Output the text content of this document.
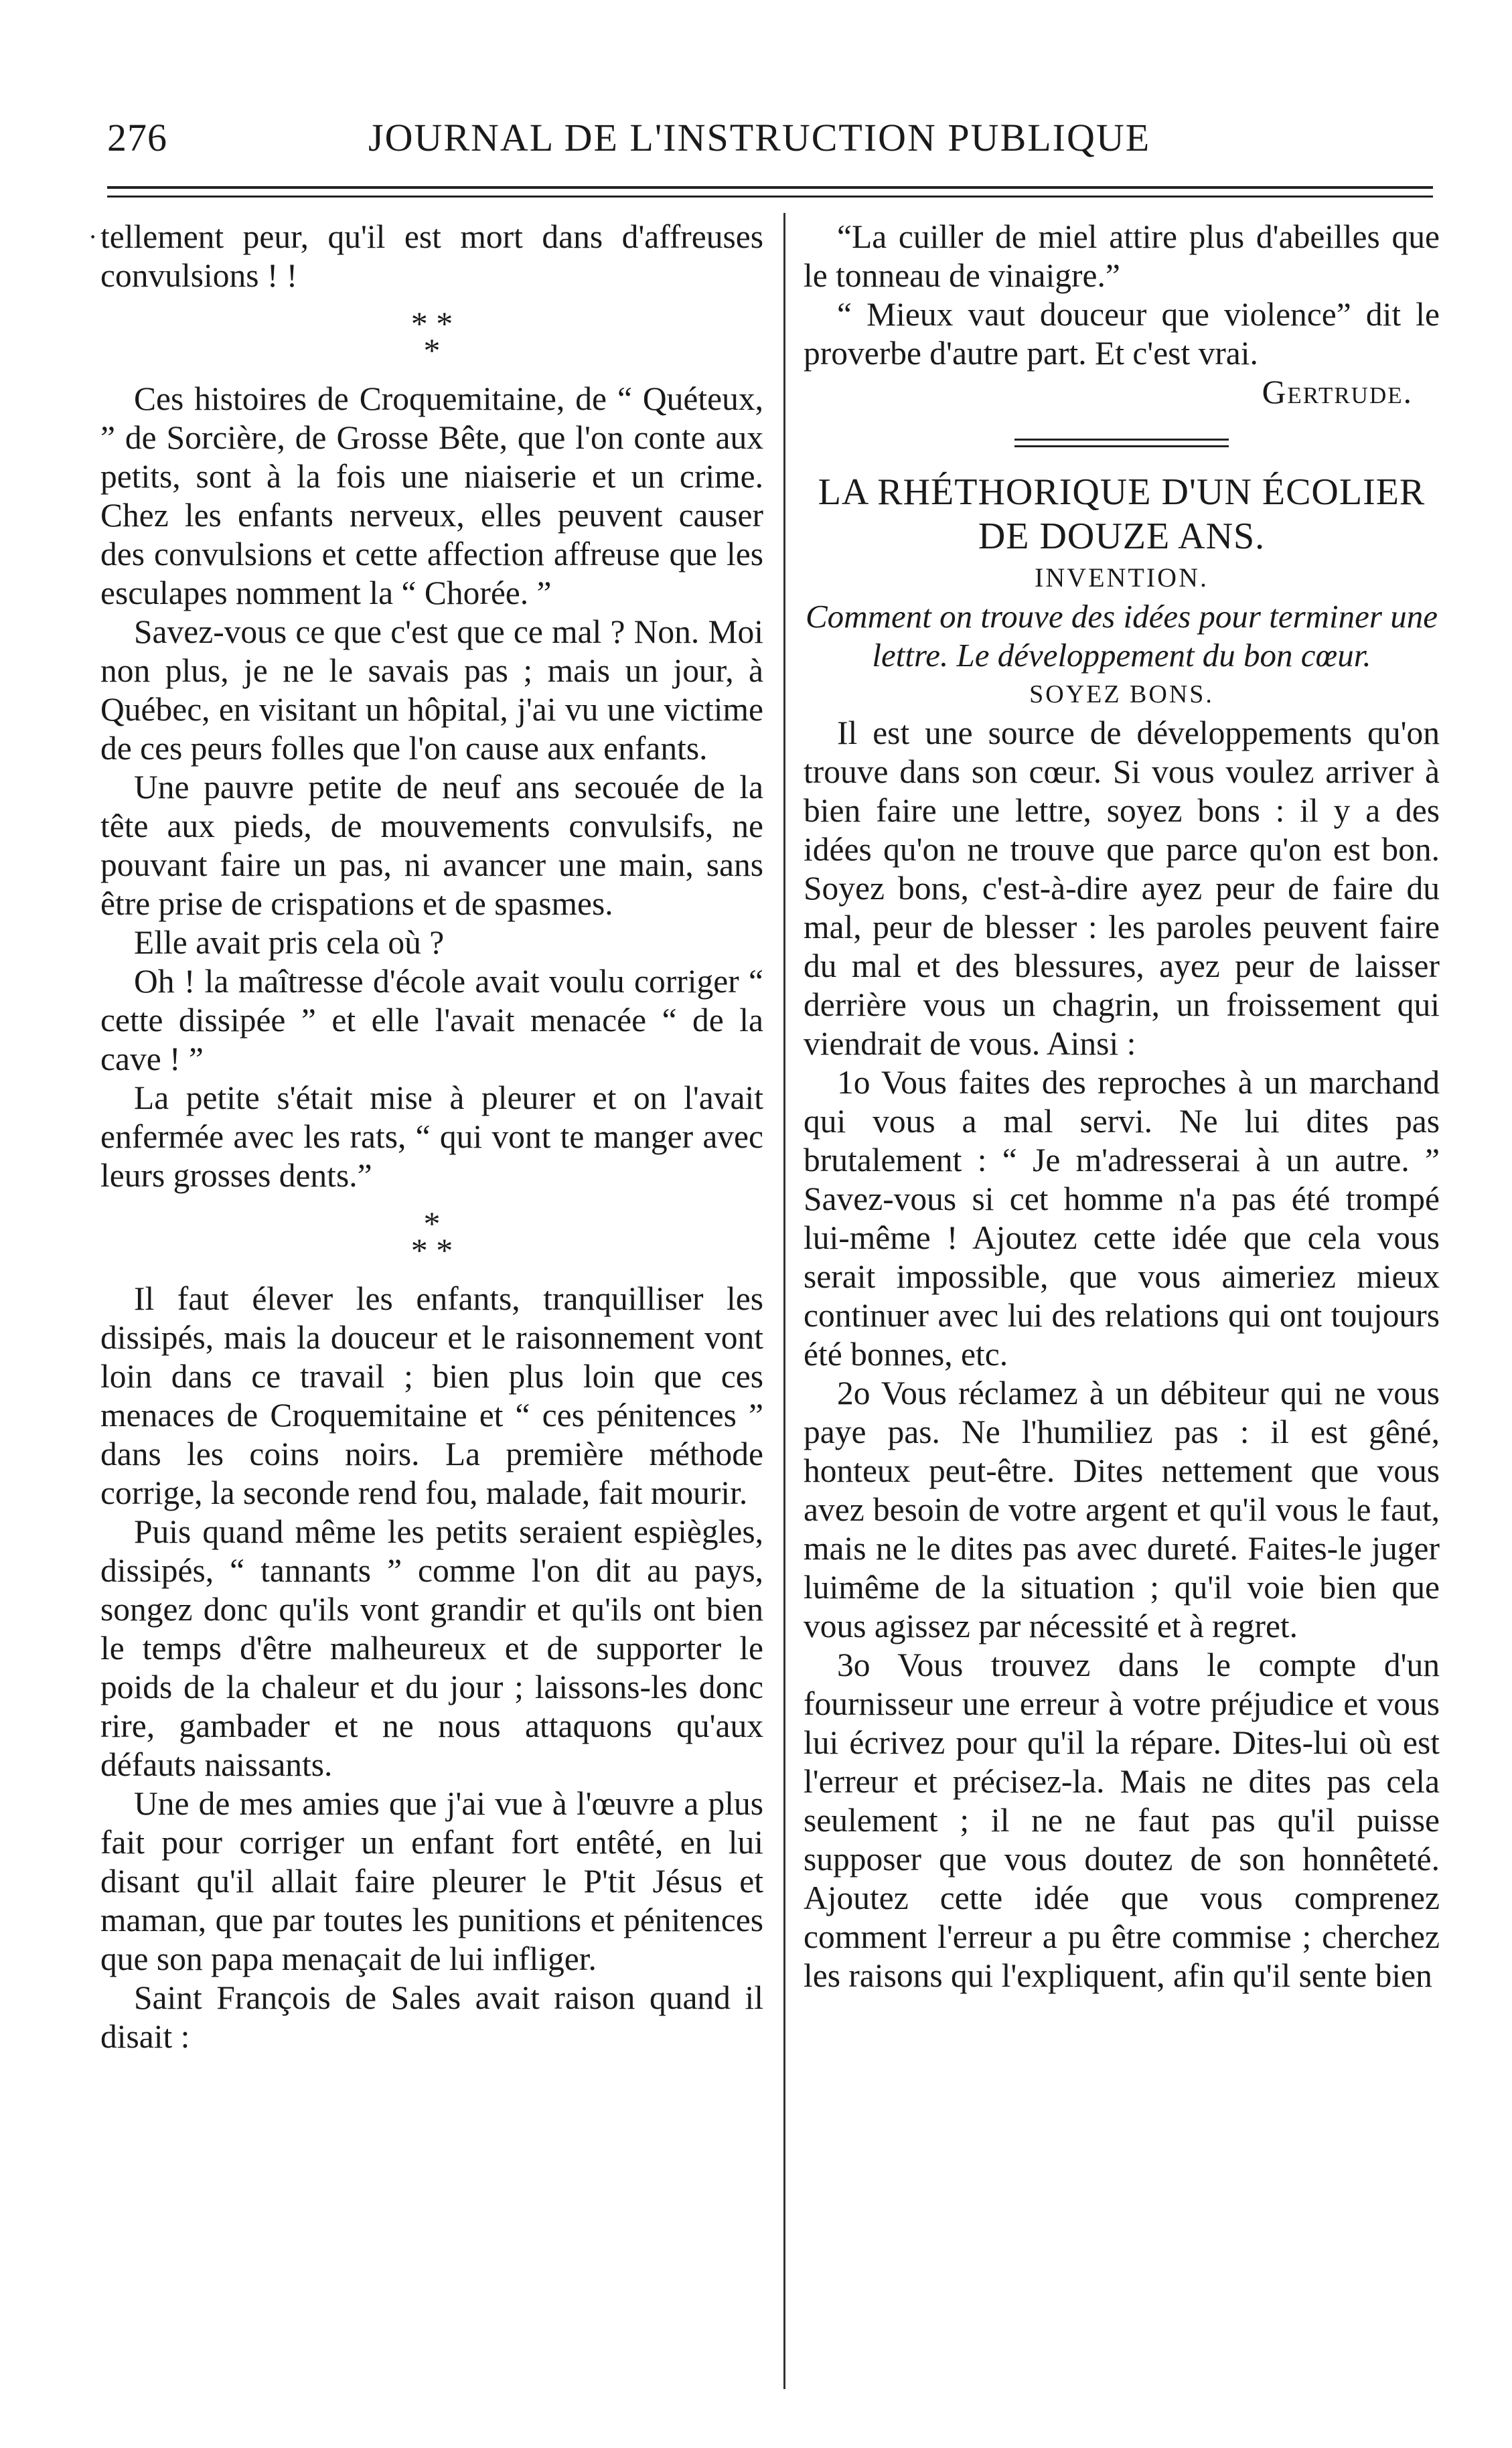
276	JOURNAL DE L'INSTRUCTION PUBLIQUE
· tellement peur, qu'il est mort dans d'affreuses convulsions ! !

* *
*

Ces histoires de Croquemitaine, de “ Quéteux, ” de Sorcière, de Grosse Bête, que l'on conte aux petits, sont à la fois une niaiserie et un crime. Chez les enfants nerveux, elles peuvent causer des convulsions et cette affection affreuse que les esculapes nomment la “ Chorée. ”

Savez-vous ce que c'est que ce mal ? Non. Moi non plus, je ne le savais pas ; mais un jour, à Québec, en visitant un hôpital, j'ai vu une victime de ces peurs folles que l'on cause aux enfants.

Une pauvre petite de neuf ans secouée de la tête aux pieds, de mouvements convulsifs, ne pouvant faire un pas, ni avancer une main, sans être prise de crispations et de spasmes.

Elle avait pris cela où ?

Oh ! la maîtresse d'école avait voulu corriger “ cette dissipée ” et elle l'avait menacée “ de la cave ! ”

La petite s'était mise à pleurer et on l'avait enfermée avec les rats, “ qui vont te manger avec leurs grosses dents.”

*
* *

Il faut élever les enfants, tranquilliser les dissipés, mais la douceur et le raisonnement vont loin dans ce travail ; bien plus loin que ces menaces de Croquemitaine et “ ces pénitences ” dans les coins noirs. La première méthode corrige, la seconde rend fou, malade, fait mourir.

Puis quand même les petits seraient espiègles, dissipés, “ tannants ” comme l'on dit au pays, songez donc qu'ils vont grandir et qu'ils ont bien le temps d'être malheureux et de supporter le poids de la chaleur et du jour ; laissons-les donc rire, gambader et ne nous attaquons qu'aux défauts naissants.

Une de mes amies que j'ai vue à l'œuvre a plus fait pour corriger un enfant fort entêté, en lui disant qu'il allait faire pleurer le P'tit Jésus et maman, que par toutes les punitions et pénitences que son papa menaçait de lui infliger.

Saint François de Sales avait raison quand il disait :

“La cuiller de miel attire plus d'abeilles que le tonneau de vinaigre.”

“ Mieux vaut douceur que violence” dit le proverbe d'autre part. Et c'est vrai.

Gertrude.

LA RHÉTHORIQUE D'UN ÉCOLIER

DE DOUZE ANS.

INVENTION.

Comment on trouve des idées pour terminer une lettre. Le développement du bon cœur.

SOYEZ BONS.

Il est une source de développements qu'on trouve dans son cœur. Si vous voulez arriver à bien faire une lettre, soyez bons : il y a des idées qu'on ne trouve que parce qu'on est bon. Soyez bons, c'est-à-dire ayez peur de faire du mal, peur de blesser : les paroles peuvent faire du mal et des blessures, ayez peur de laisser derrière vous un chagrin, un froissement qui viendrait de vous. Ainsi :

1o Vous faites des reproches à un marchand qui vous a mal servi. Ne lui dites pas brutalement : “ Je m'adresserai à un autre. ” Savez-vous si cet homme n'a pas été trompé lui-même ! Ajoutez cette idée que cela vous serait impossible, que vous aimeriez mieux continuer avec lui des relations qui ont toujours été bonnes, etc.

2o Vous réclamez à un débiteur qui ne vous paye pas. Ne l'humiliez pas : il est gêné, honteux peut-être. Dites nettement que vous avez besoin de votre argent et qu'il vous le faut, mais ne le dites pas avec dureté. Faites-le juger luimême de la situation ; qu'il voie bien que vous agissez par nécessité et à regret.

3o Vous trouvez dans le compte d'un fournisseur une erreur à votre préjudice et vous lui écrivez pour qu'il la répare. Dites-lui où est l'erreur et précisez-la. Mais ne dites pas cela seulement ; il ne ne faut pas qu'il puisse supposer que vous doutez de son honnêteté. Ajoutez cette idée que vous comprenez comment l'erreur a pu être commise ; cherchez les raisons qui l'expliquent, afin qu'il sente bien
